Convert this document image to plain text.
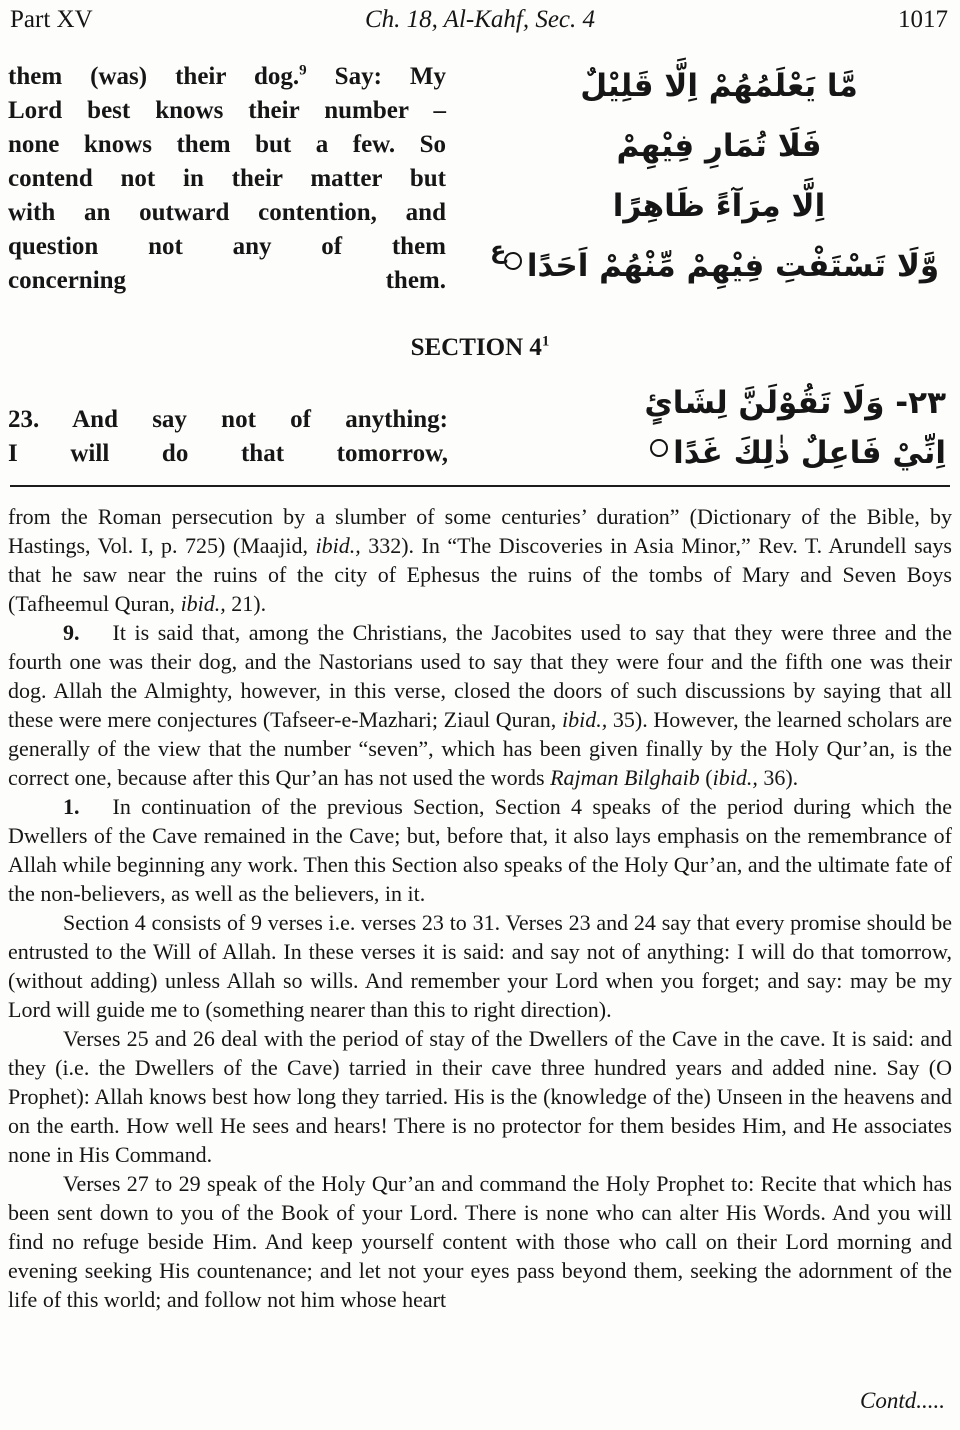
Part XV	Ch. 18, Al-Kahf, Sec. 4	1017
them (was) their dog.$^9$ Say: My
Lord best knows their number –
none knows them but a few. So
contend not in their matter but
with an outward contention, and
question not any of them
concerning them.
مَّا يَعْلَمُهُمْ اِلَّا قَلِيْلٌ
فَلَا تُمَارِ فِيْهِمْ
اِلَّا مِرَآءً ظَاهِرًا
وَّلَا تَسْتَفْتِ فِيْهِمْ مِّنْهُمْ اَحَدًا
ع
SECTION 4$^1$
23. And say not of anything:
I will do that tomorrow,
٢٣- وَلَا تَقُوْلَنَّ لِشَائٍ
اِنِّيْ فَاعِلٌ ذٰلِكَ غَدًا

from the Roman persecution by a slumber of some centuries’ duration” (Dictionary of the Bible, by Hastings, Vol. I, p. 725) (Maajid, ibid., 332). In “The Discoveries in Asia Minor,” Rev. T. Arundell says that he saw near the ruins of the city of Ephesus the ruins of the tombs of Mary and Seven Boys (Tafheemul Quran, ibid., 21).

9.   It is said that, among the Christians, the Jacobites used to say that they were three and the fourth one was their dog, and the Nastorians used to say that they were four and the fifth one was their dog. Allah the Almighty, however, in this verse, closed the doors of such discussions by saying that all these were mere conjectures (Tafseer-e-Mazhari; Ziaul Quran, ibid., 35). However, the learned scholars are generally of the view that the number “seven”, which has been given finally by the Holy Qur’an, is the correct one, because after this Qur’an has not used the words Rajman Bilghaib (ibid., 36).

1.   In continuation of the previous Section, Section 4 speaks of the period during which the Dwellers of the Cave remained in the Cave; but, before that, it also lays emphasis on the remembrance of Allah while beginning any work. Then this Section also speaks of the Holy Qur’an, and the ultimate fate of the non-believers, as well as the believers, in it.

Section 4 consists of 9 verses i.e. verses 23 to 31. Verses 23 and 24 say that every promise should be entrusted to the Will of Allah. In these verses it is said: and say not of anything: I will do that tomorrow, (without adding) unless Allah so wills. And remember your Lord when you forget; and say: may be my Lord will guide me to (something nearer than this to right direction).

Verses 25 and 26 deal with the period of stay of the Dwellers of the Cave in the cave. It is said: and they (i.e. the Dwellers of the Cave) tarried in their cave three hundred years and added nine. Say (O Prophet): Allah knows best how long they tarried. His is the (knowledge of the) Unseen in the heavens and on the earth. How well He sees and hears! There is no protector for them besides Him, and He associates none in His Command.

Verses 27 to 29 speak of the Holy Qur’an and command the Holy Prophet to: Recite that which has been sent down to you of the Book of your Lord. There is none who can alter His Words. And you will find no refuge beside Him. And keep yourself content with those who call on their Lord morning and evening seeking His countenance; and let not your eyes pass beyond them, seeking the adornment of the life of this world; and follow not him whose heart

Contd.....
